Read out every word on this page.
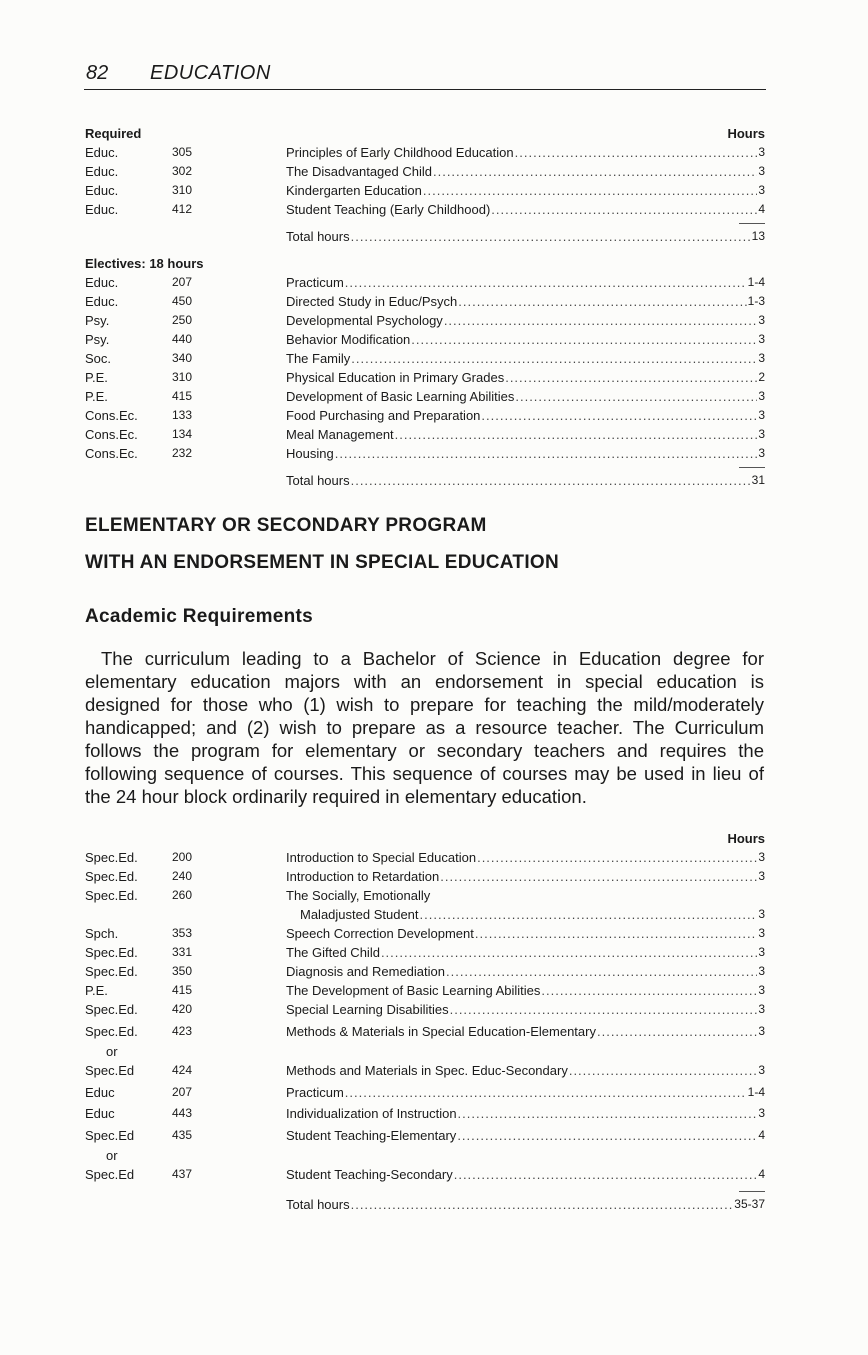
82 EDUCATION
Required	Hours
Educ.	305	Principles of Early Childhood Education .....	3
Educ.	302	The Disadvantaged Child .....	3
Educ.	310	Kindergarten Education .....	3
Educ.	412	Student Teaching (Early Childhood) .....	4
Total hours .....	13
Electives: 18 hours
Educ.	207	Practicum .....	1-4
Educ.	450	Directed Study in Educ/Psych .....	1-3
Psy.	250	Developmental Psychology .....	3
Psy.	440	Behavior Modification .....	3
Soc.	340	The Family .....	3
P.E.	310	Physical Education in Primary Grades .....	2
P.E.	415	Development of Basic Learning Abilities .....	3
Cons.Ec.	133	Food Purchasing and Preparation .....	3
Cons.Ec.	134	Meal Management .....	3
Cons.Ec.	232	Housing .....	3
Total hours .....	31
ELEMENTARY OR SECONDARY PROGRAM
WITH AN ENDORSEMENT IN SPECIAL EDUCATION
Academic Requirements
The curriculum leading to a Bachelor of Science in Education degree for elementary education majors with an endorsement in special education is designed for those who (1) wish to prepare for teaching the mild/moderately handicapped; and (2) wish to prepare as a resource teacher. The Curriculum follows the program for elementary or secondary teachers and requires the following sequence of courses. This sequence of courses may be used in lieu of the 24 hour block ordinarily required in elementary education.
Hours
Spec.Ed.	200	Introduction to Special Education .....	3
Spec.Ed.	240	Introduction to Retardation .....	3
Spec.Ed.	260	The Socially, Emotionally
Maladjusted Student .....	3
Spch.	353	Speech Correction Development .....	3
Spec.Ed.	331	The Gifted Child .....	3
Spec.Ed.	350	Diagnosis and Remediation .....	3
P.E.	415	The Development of Basic Learning Abilities .....	3
Spec.Ed.	420	Special Learning Disabilities .....	3
Spec.Ed.	423	Methods & Materials in Special Education-Elementary .....	3
or
Spec.Ed	424	Methods and Materials in Spec. Educ-Secondary .....	3
Educ	207	Practicum .....	1-4
Educ	443	Individualization of Instruction .....	3
Spec.Ed	435	Student Teaching-Elementary .....	4
or
Spec.Ed	437	Student Teaching-Secondary .....	4
Total hours .....	35-37
